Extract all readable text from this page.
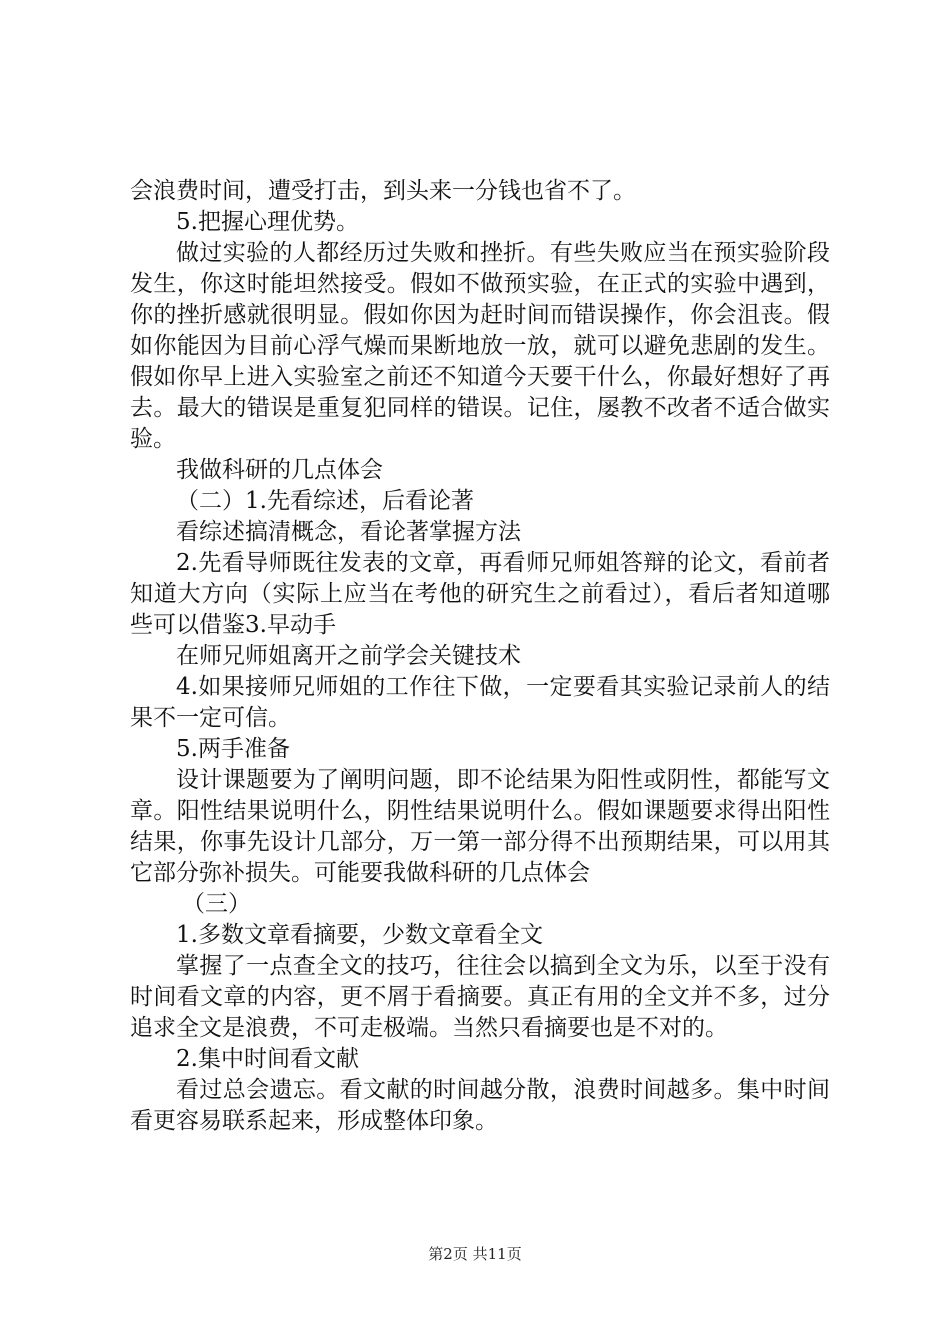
会浪费时间，遭受打击，到头来一分钱也省不了。

5.把握心理优势。

做过实验的人都经历过失败和挫折。有些失败应当在预实验阶段发生，你这时能坦然接受。假如不做预实验，在正式的实验中遇到，你的挫折感就很明显。假如你因为赶时间而错误操作，你会沮丧。假如你能因为目前心浮气燥而果断地放一放，就可以避免悲剧的发生。假如你早上进入实验室之前还不知道今天要干什么，你最好想好了再去。最大的错误是重复犯同样的错误。记住，屡教不改者不适合做实验。

我做科研的几点体会

（二）1.先看综述，后看论著

看综述搞清概念，看论著掌握方法

2.先看导师既往发表的文章，再看师兄师姐答辩的论文，看前者知道大方向（实际上应当在考他的研究生之前看过），看后者知道哪些可以借鉴3.早动手

在师兄师姐离开之前学会关键技术

4.如果接师兄师姐的工作往下做，一定要看其实验记录前人的结果不一定可信。

5.两手准备

设计课题要为了阐明问题，即不论结果为阳性或阴性，都能写文章。阳性结果说明什么，阴性结果说明什么。假如课题要求得出阳性结果，你事先设计几部分，万一第一部分得不出预期结果，可以用其它部分弥补损失。可能要我做科研的几点体会

（三）

1.多数文章看摘要，少数文章看全文

掌握了一点查全文的技巧，往往会以搞到全文为乐，以至于没有时间看文章的内容，更不屑于看摘要。真正有用的全文并不多，过分追求全文是浪费，不可走极端。当然只看摘要也是不对的。

2.集中时间看文献

看过总会遗忘。看文献的时间越分散，浪费时间越多。集中时间看更容易联系起来，形成整体印象。

第2页 共11页
